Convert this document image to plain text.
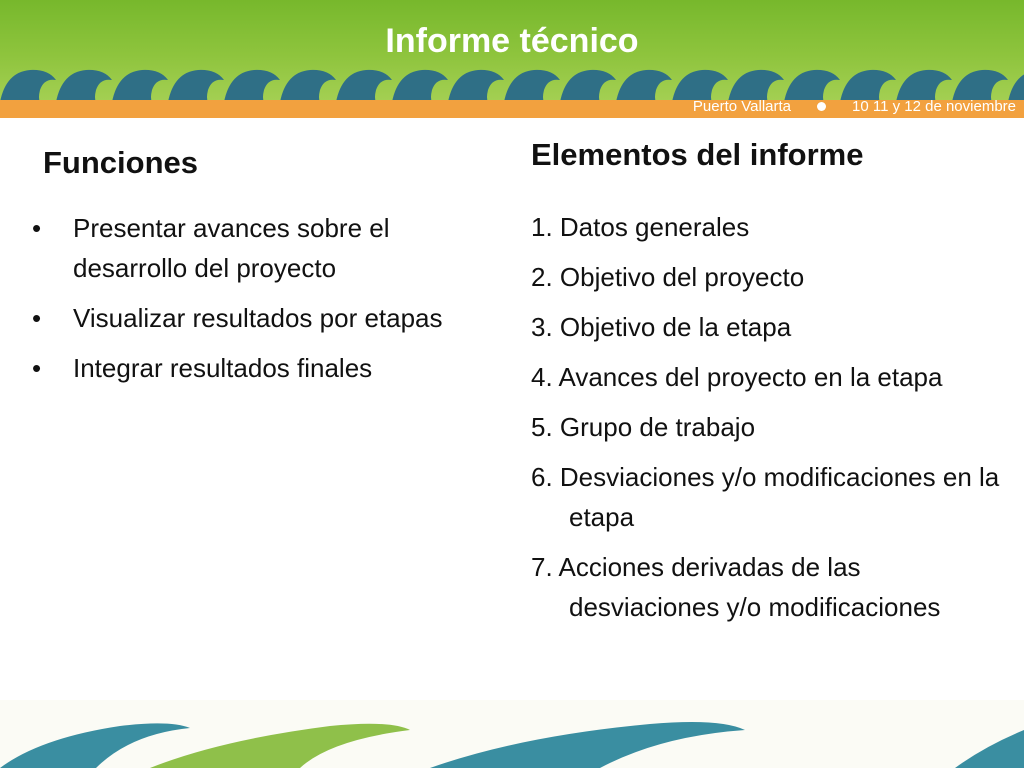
Puerto Vallarta	10 11 y 12 de noviembre
Informe técnico
Funciones
• Presentar avances sobre el desarrollo del proyecto
• Visualizar resultados por etapas
• Integrar resultados finales
Elementos del informe
1. Datos generales
2. Objetivo del proyecto
3. Objetivo de la etapa
4. Avances del proyecto en la etapa
5. Grupo de trabajo
6. Desviaciones y/o modificaciones en la etapa
7. Acciones derivadas de las desviaciones y/o modificaciones
